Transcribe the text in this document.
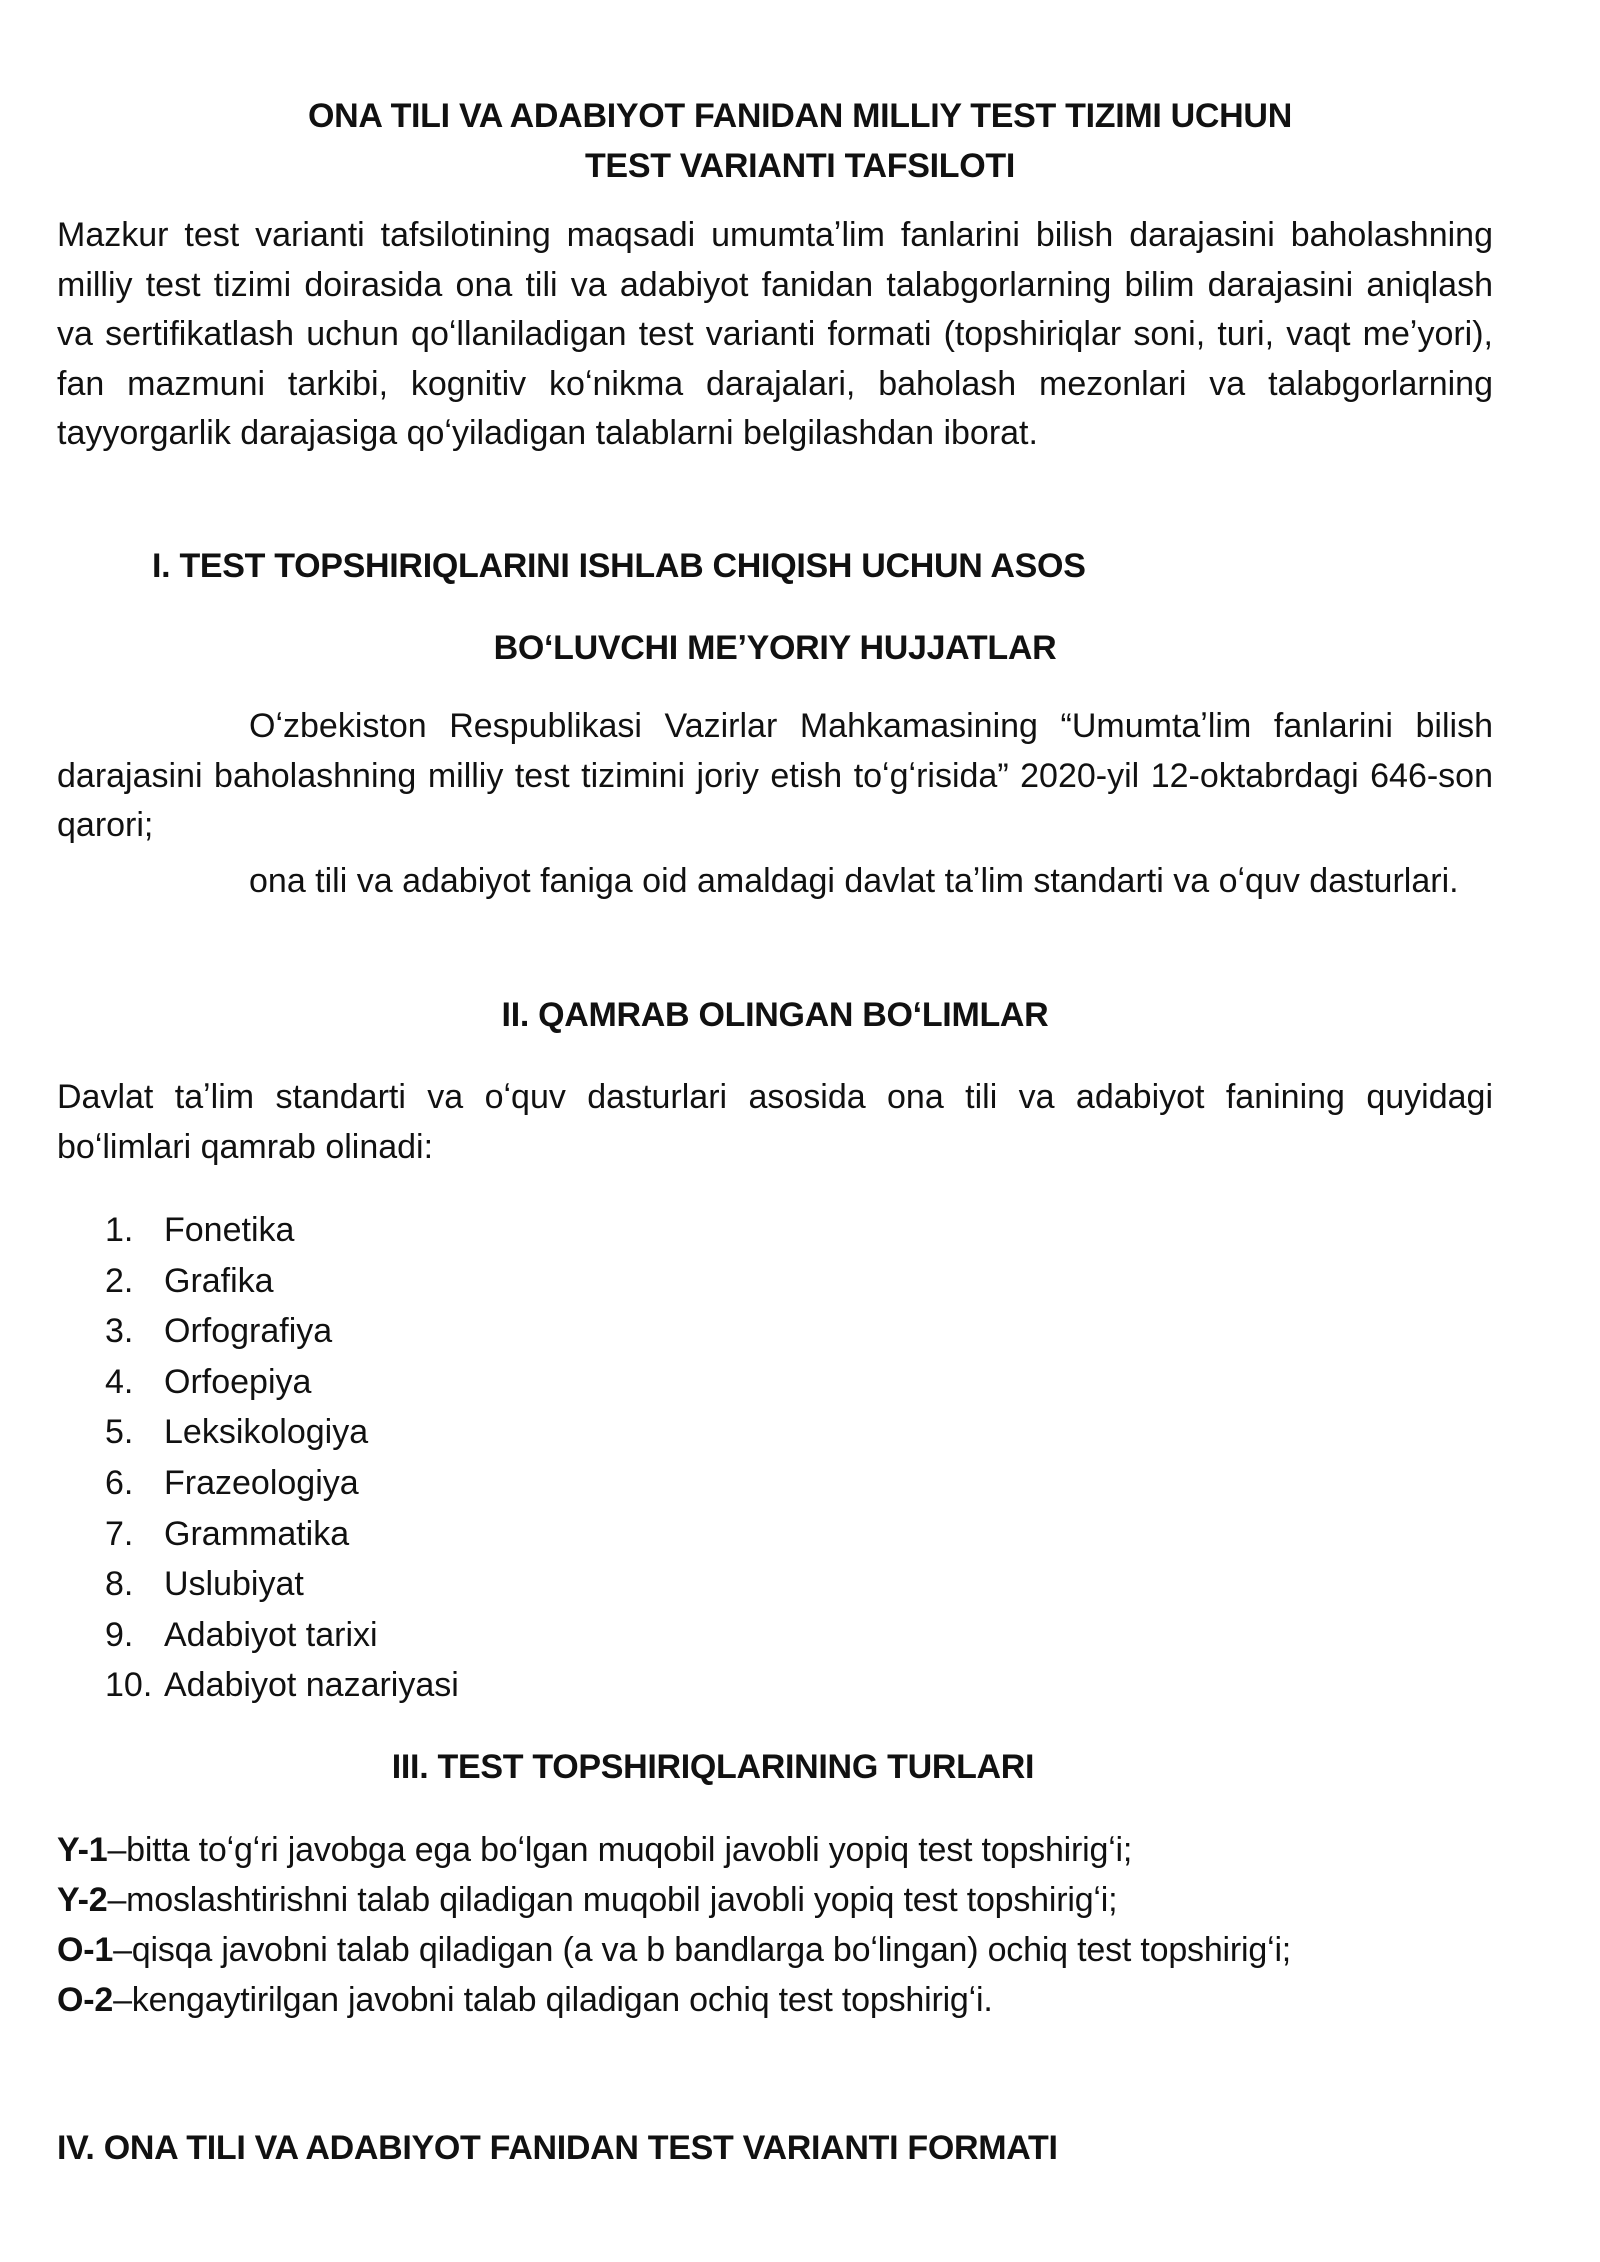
ONA TILI VA ADABIYOT FANIDAN MILLIY TEST TIZIMI UCHUN
TEST VARIANTI TAFSILOTI

Mazkur test varianti tafsilotining maqsadi umumtaʼlim fanlarini bilish darajasini baholashning milliy test tizimi doirasida ona tili va adabiyot fanidan talabgorlarning bilim darajasini aniqlash va sertifikatlash uchun qoʻllaniladigan test varianti formati (topshiriqlar soni, turi, vaqt meʼyori), fan mazmuni tarkibi, kognitiv koʻnikma darajalari, baholash mezonlari va talabgorlarning tayyorgarlik darajasiga qoʻyiladigan talablarni belgilashdan iborat.

I. TEST TOPSHIRIQLARINI ISHLAB CHIQISH UCHUN ASOS
BOʻLUVCHI MEʼYORIY HUJJATLAR

Oʻzbekiston Respublikasi Vazirlar Mahkamasining “Umumtaʼlim fanlarini bilish darajasini baholashning milliy test tizimini joriy etish toʻgʻrisida” 2020-yil 12-oktabrdagi 646-son qarori;

ona tili va adabiyot faniga oid amaldagi davlat taʼlim standarti va oʻquv dasturlari.

II. QAMRAB OLINGAN BOʻLIMLAR

Davlat taʼlim standarti va oʻquv dasturlari asosida ona tili va adabiyot fanining quyidagi boʻlimlari qamrab olinadi:

1. Fonetika
2. Grafika
3. Orfografiya
4. Orfoepiya
5. Leksikologiya
6. Frazeologiya
7. Grammatika
8. Uslubiyat
9. Adabiyot tarixi
10. Adabiyot nazariyasi
III. TEST TOPSHIRIQLARINING TURLARI
Y-1–bitta toʻgʻri javobga ega boʻlgan muqobil javobli yopiq test topshirigʻi;
Y-2–moslashtirishni talab qiladigan muqobil javobli yopiq test topshirigʻi;
O-1–qisqa javobni talab qiladigan (a va b bandlarga boʻlingan) ochiq test topshirigʻi;
O-2–kengaytirilgan javobni talab qiladigan ochiq test topshirigʻi.
IV. ONA TILI VA ADABIYOT FANIDAN TEST VARIANTI FORMATI
